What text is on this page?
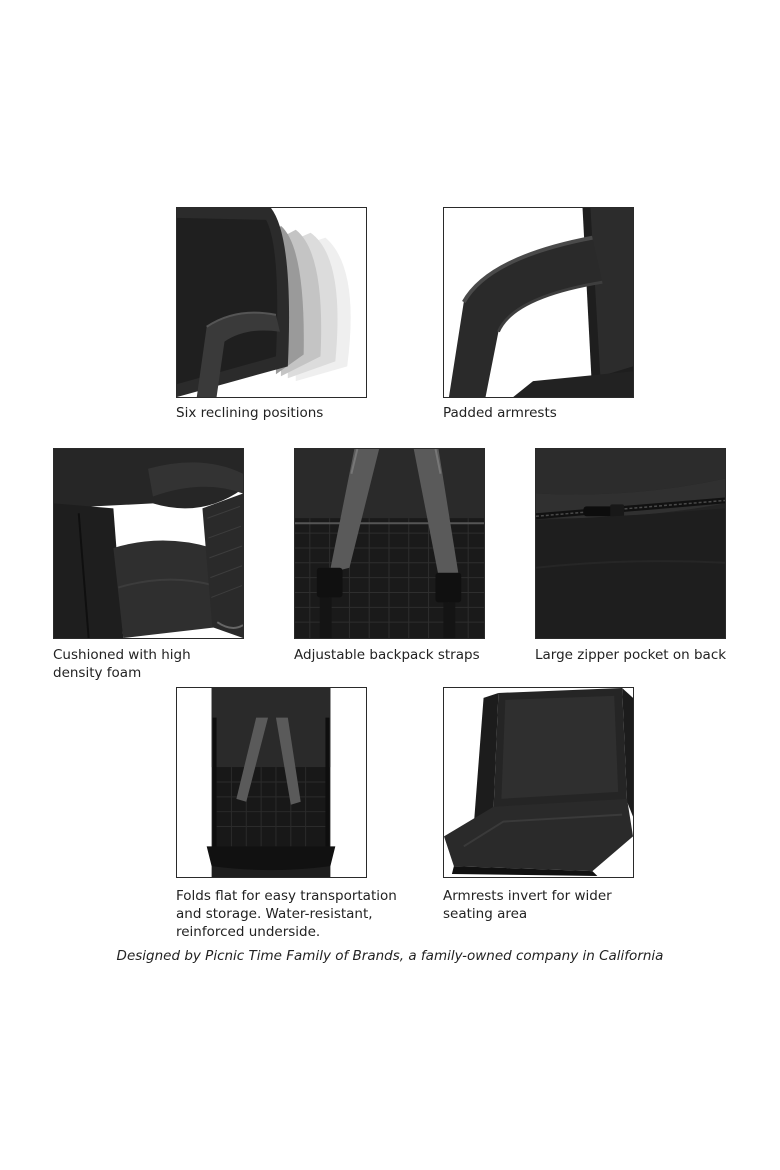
Six reclining positions	Padded armrests
Cushioned with high
density foam
Adjustable backpack straps	Large zipper pocket on back
Folds flat for easy transportation
and storage. Water-resistant,
reinforced underside.
Armrests invert for wider
seating area
Designed by Picnic Time Family of Brands, a family-owned company in California
